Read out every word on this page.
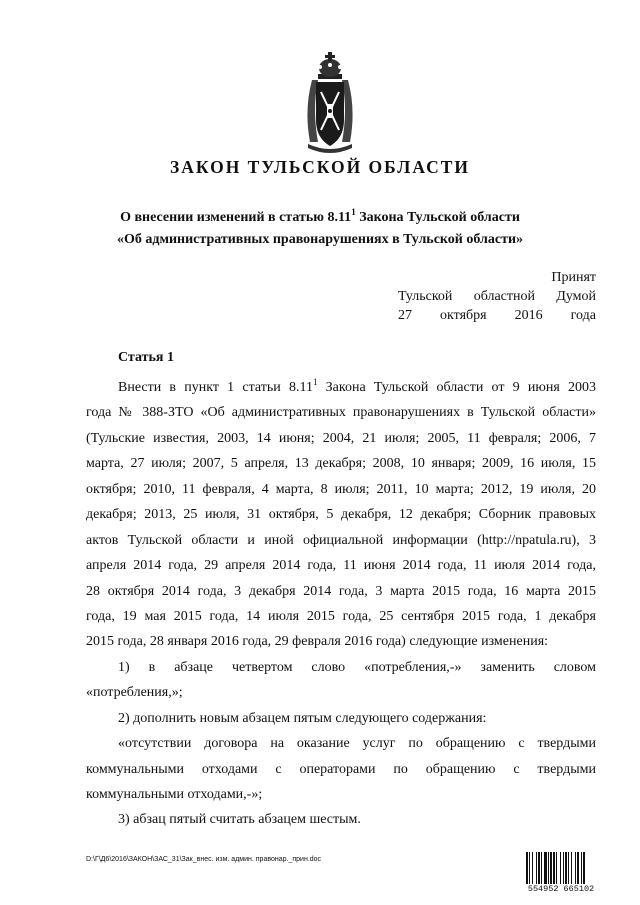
ЗАКОН ТУЛЬСКОЙ ОБЛАСТИ
О внесении изменений в статью 8.11$^1$ Закона Тульской области
«Об административных правонарушениях в Тульской области»
Принят
Тульской областной Думой
27 октября 2016 года
Статья 1
Внести в пункт 1 статьи 8.11$^1$ Закона Тульской области от 9 июня 2003
года № 388-ЗТО «Об административных правонарушениях в Тульской области»
(Тульские известия, 2003, 14 июня; 2004, 21 июля; 2005, 11 февраля; 2006, 7
марта, 27 июля; 2007, 5 апреля, 13 декабря; 2008, 10 января; 2009, 16 июля, 15
октября; 2010, 11 февраля, 4 марта, 8 июля; 2011, 10 марта; 2012, 19 июля, 20
декабря; 2013, 25 июля, 31 октября, 5 декабря, 12 декабря; Сборник правовых
актов Тульской области и иной официальной информации (http://npatula.ru), 3
апреля 2014 года, 29 апреля 2014 года, 11 июня 2014 года, 11 июля 2014 года,
28 октября 2014 года, 3 декабря 2014 года, 3 марта 2015 года, 16 марта 2015
года, 19 мая 2015 года, 14 июля 2015 года, 25 сентября 2015 года, 1 декабря
2015 года, 28 января 2016 года, 29 февраля 2016 года) следующие изменения:
1) в абзаце четвертом слово «потребления,-» заменить словом
«потребления,»;
2) дополнить новым абзацем пятым следующего содержания:
«отсутствии договора на оказание услуг по обращению с твердыми
коммунальными отходами с операторами по обращению с твердыми
коммунальными отходами,-»;
3) абзац пятый считать абзацем шестым.
D:\Г\Д6\2016\ЗАКОН\ЗАС_31\Зак_внес. изм. админ. правонар._прин.doc
554952 665102
